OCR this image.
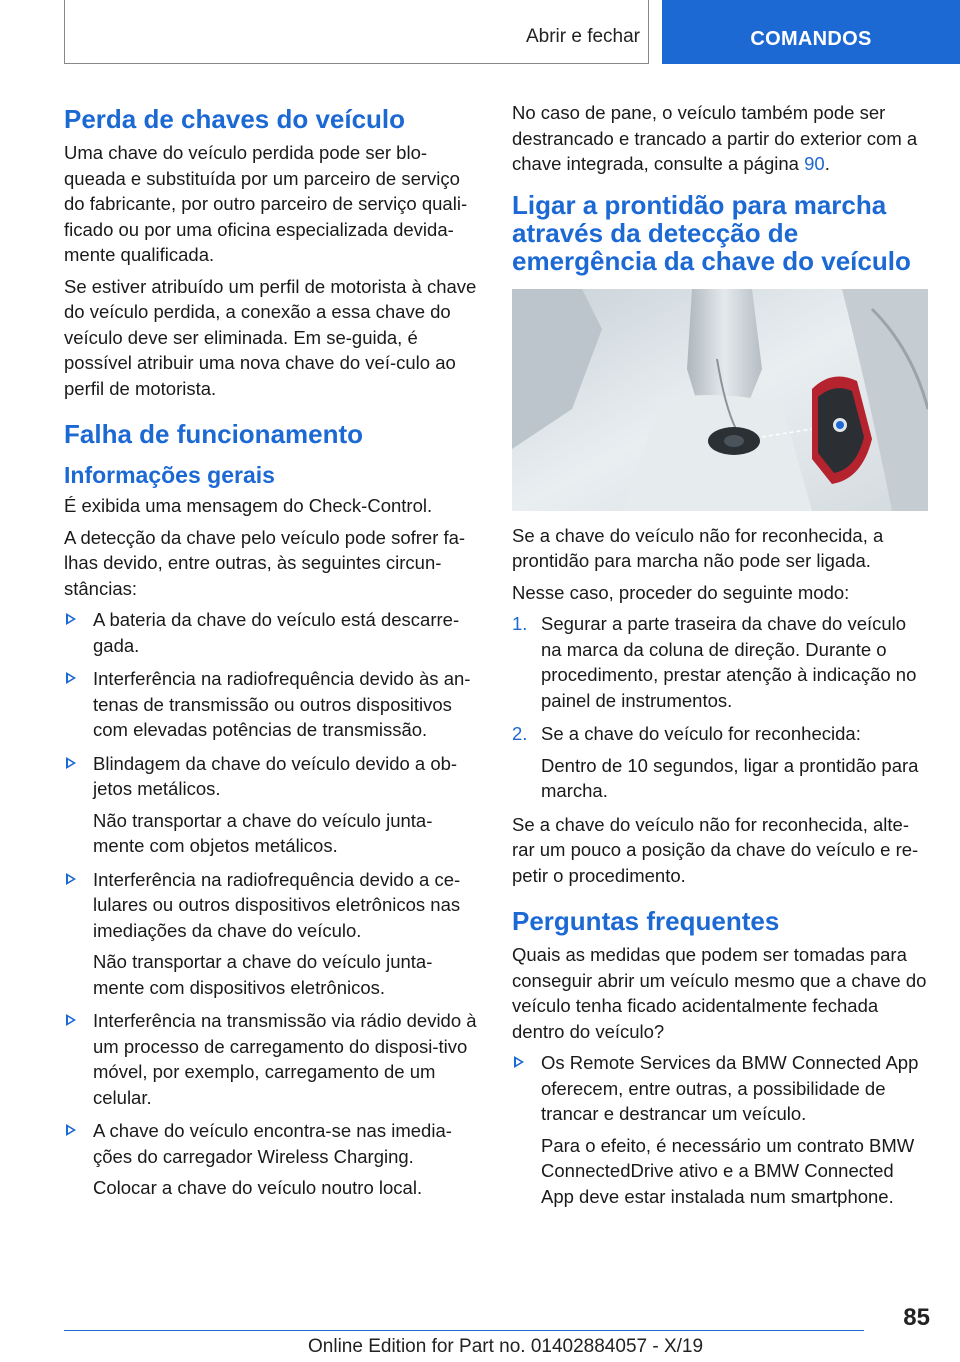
Abrir e fechar	COMANDOS
Perda de chaves do veículo

Uma chave do veículo perdida pode ser blo-queada e substituída por um parceiro de serviço do fabricante, por outro parceiro de serviço quali-ficado ou por uma oficina especializada devida-mente qualificada.

Se estiver atribuído um perfil de motorista à chave do veículo perdida, a conexão a essa chave do veículo deve ser eliminada. Em se-guida, é possível atribuir uma nova chave do veí-culo ao perfil de motorista.

Falha de funcionamento
Informações gerais

É exibida uma mensagem do Check-Control.

A detecção da chave pelo veículo pode sofrer fa-lhas devido, entre outras, às seguintes circun-stâncias:

A bateria da chave do veículo está descarre-gada.
Interferência na radiofrequência devido às an-tenas de transmissão ou outros dispositivos com elevadas potências de transmissão.
Blindagem da chave do veículo devido a ob-jetos metálicos.

Não transportar a chave do veículo junta-mente com objetos metálicos.

Interferência na radiofrequência devido a ce-lulares ou outros dispositivos eletrônicos nas imediações da chave do veículo.

Não transportar a chave do veículo junta-mente com dispositivos eletrônicos.

Interferência na transmissão via rádio devido à um processo de carregamento do disposi-tivo móvel, por exemplo, carregamento de um celular.
A chave do veículo encontra-se nas imedia-ções do carregador Wireless Charging.

Colocar a chave do veículo noutro local.

No caso de pane, o veículo também pode ser destrancado e trancado a partir do exterior com a chave integrada, consulte a página 90.

Ligar a prontidão para marcha através da detecção de emergência da chave do veículo

Se a chave do veículo não for reconhecida, a prontidão para marcha não pode ser ligada.

Nesse caso, proceder do seguinte modo:

1. Segurar a parte traseira da chave do veículo na marca da coluna de direção. Durante o procedimento, prestar atenção à indicação no painel de instrumentos.
2. Se a chave do veículo for reconhecida:

Dentro de 10 segundos, ligar a prontidão para marcha.

Se a chave do veículo não for reconhecida, alte-rar um pouco a posição da chave do veículo e re-petir o procedimento.

Perguntas frequentes

Quais as medidas que podem ser tomadas para conseguir abrir um veículo mesmo que a chave do veículo tenha ficado acidentalmente fechada dentro do veículo?

Os Remote Services da BMW Connected App oferecem, entre outras, a possibilidade de trancar e destrancar um veículo.

Para o efeito, é necessário um contrato BMW ConnectedDrive ativo e a BMW Connected App deve estar instalada num smartphone.

85
Online Edition for Part no. 01402884057 - X/19
